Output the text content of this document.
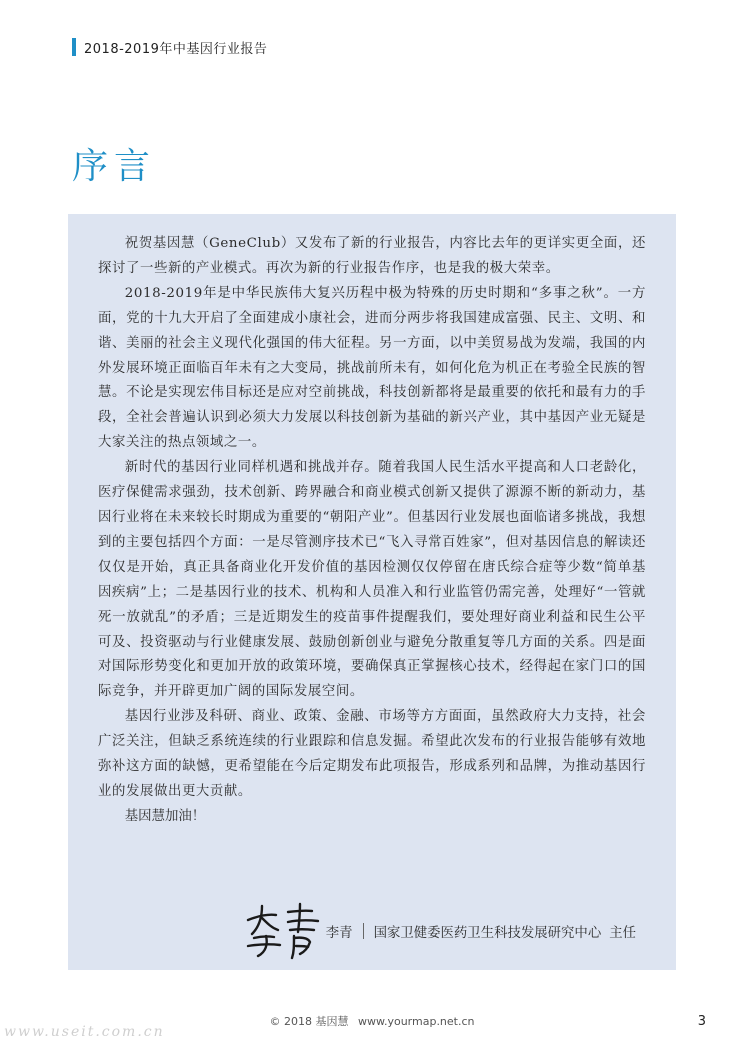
2018-2019年中基因行业报告
序言

祝贺基因慧（GeneClub）又发布了新的行业报告，内容比去年的更详实更全面，还探讨了一些新的产业模式。再次为新的行业报告作序，也是我的极大荣幸。

2018-2019年是中华民族伟大复兴历程中极为特殊的历史时期和“多事之秋”。一方面，党的十九大开启了全面建成小康社会，进而分两步将我国建成富强、民主、文明、和谐、美丽的社会主义现代化强国的伟大征程。另一方面，以中美贸易战为发端，我国的内外发展环境正面临百年未有之大变局，挑战前所未有，如何化危为机正在考验全民族的智慧。不论是实现宏伟目标还是应对空前挑战，科技创新都将是最重要的依托和最有力的手段，全社会普遍认识到必须大力发展以科技创新为基础的新兴产业，其中基因产业无疑是大家关注的热点领域之一。

新时代的基因行业同样机遇和挑战并存。随着我国人民生活水平提高和人口老龄化，医疗保健需求强劲，技术创新、跨界融合和商业模式创新又提供了源源不断的新动力，基因行业将在未来较长时期成为重要的“朝阳产业”。但基因行业发展也面临诸多挑战，我想到的主要包括四个方面：一是尽管测序技术已“飞入寻常百姓家”，但对基因信息的解读还仅仅是开始，真正具备商业化开发价值的基因检测仅仅停留在唐氏综合症等少数“简单基因疾病”上；二是基因行业的技术、机构和人员准入和行业监管仍需完善，处理好“一管就死一放就乱”的矛盾；三是近期发生的疫苗事件提醒我们，要处理好商业利益和民生公平可及、投资驱动与行业健康发展、鼓励创新创业与避免分散重复等几方面的关系。四是面对国际形势变化和更加开放的政策环境，要确保真正掌握核心技术，经得起在家门口的国际竞争，并开辟更加广阔的国际发展空间。

基因行业涉及科研、商业、政策、金融、市场等方方面面，虽然政府大力支持，社会广泛关注，但缺乏系统连续的行业跟踪和信息发掘。希望此次发布的行业报告能够有效地弥补这方面的缺憾，更希望能在今后定期发布此项报告，形成系列和品牌，为推动基因行业的发展做出更大贡献。

基因慧加油！

李青 国家卫健委医药卫生科技发展研究中心 主任
© 2018 基因慧 www.yourmap.net.cn	3
www.useit.com.cn
